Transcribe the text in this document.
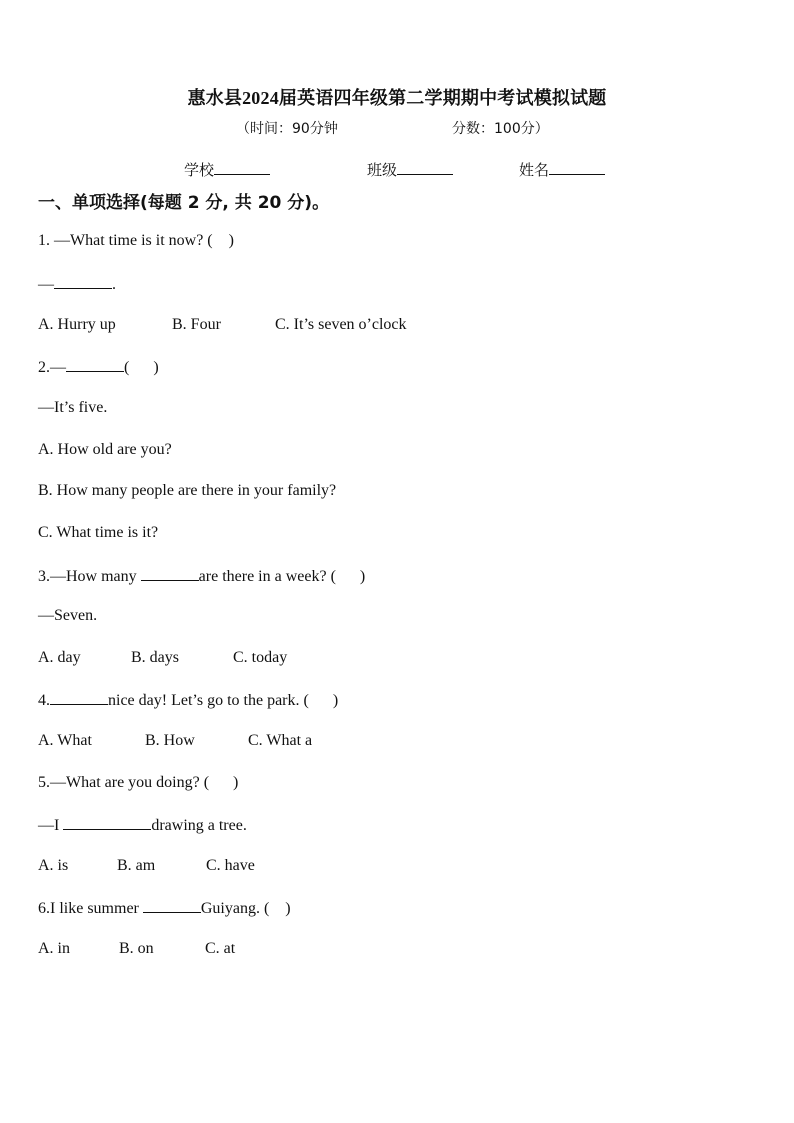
惠水县2024届英语四年级第二学期期中考试模拟试题
（时间：90分钟	分数：100分）
学校	班级	姓名
一、单项选择(每题 2 分, 共 20 分)。
1. —What time is it now? (    )
—	.
A. Hurry up	B. Four	C. It’s seven o’clock
2.—	(      )
—It’s five.
A. How old are you?
B. How many people are there in your family?
C. What time is it?
3.—How many	are there in a week? (      )
—Seven.
A. day	B. days	C. today
4.	nice day! Let’s go to the park. (      )
A. What	B. How	C. What a
5.—What are you doing? (      )
—I	drawing a tree.
A. is	B. am	C. have
6.I like summer	Guiyang. (    )
A. in	B. on	C. at
